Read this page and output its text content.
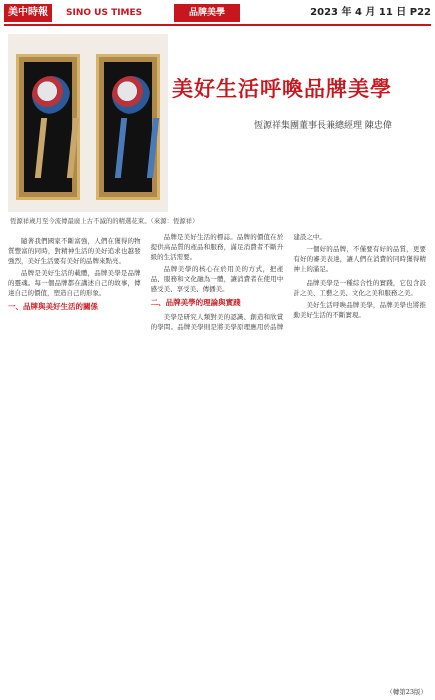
美中時報	SINO US TIMES	品牌美學	2023 年 4 月 11 日 P22
美好生活呼喚品牌美學
恆源祥集團董事長兼總經理 陳忠偉
恆源祥歲月至今流傳最廣上古不滅的的精選花束。（來源：恆源祥）

隨著我們國家不斷富強，人們在獲得的物質豐富的同時，對精神生活的美好追求也越發強烈，美好生活要有美好的品牌來點亮。

品牌是美好生活的載體，品牌美學是品牌的靈魂。每一個品牌都在講述自己的故事，傳達自己的價值，塑造自己的形象。

一、品牌與美好生活的關係

品牌是美好生活的標誌。品牌的價值在於提供高品質的產品和服務，滿足消費者不斷升級的生活需要。

品牌美學的核心在於用美的方式，把產品、服務和文化融為一體，讓消費者在使用中感受美、享受美、傳播美。

二、品牌美學的理論與實踐

美學是研究人類對美的認識、創造和欣賞的學問。品牌美學則是將美學原理應用於品牌建設之中。

一個好的品牌，不僅要有好的品質，更要有好的審美表達，讓人們在消費的同時獲得精神上的滿足。

品牌美學是一種綜合性的實踐，它包含設計之美、工藝之美、文化之美和服務之美。

美好生活呼喚品牌美學，品牌美學也將推動美好生活的不斷實現。

（轉第23版）
